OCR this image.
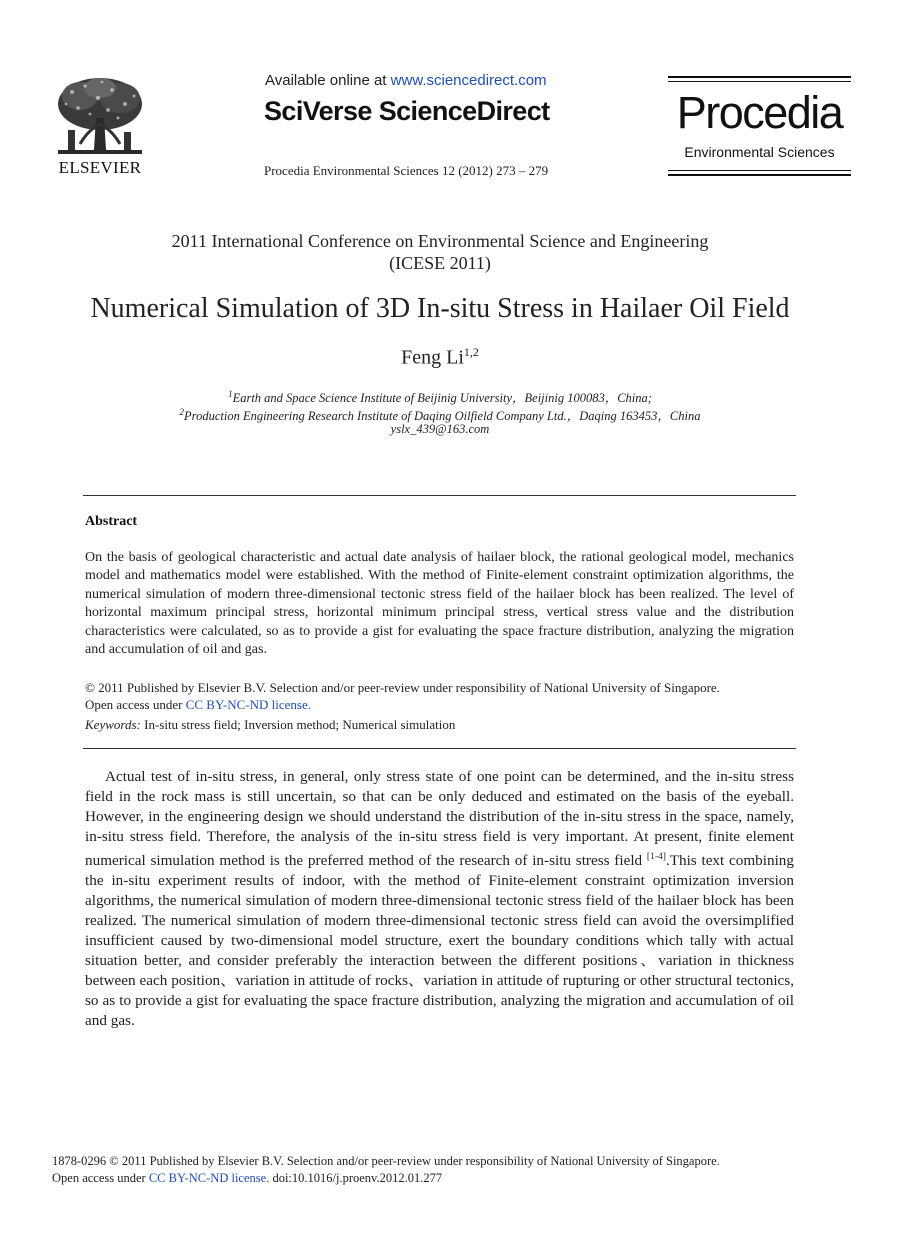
ELSEVIER
Available online at www.sciencedirect.com
SciVerse ScienceDirect
Procedia Environmental Sciences 12 (2012) 273 – 279
Procedia
Environmental Sciences
2011 International Conference on Environmental Science and Engineering
(ICESE 2011)
Numerical Simulation of 3D In-situ Stress in Hailaer Oil Field
Feng Li$^{1,2}$
$^1$Earth and Space Science Institute of Beijinig University，Beijinig 100083，China;
$^2$Production Engineering Research Institute of Daqing Oilfield Company Ltd.，Daqing 163453，China
yslx_439@163.com
Abstract
On the basis of geological characteristic and actual date analysis of hailaer block, the rational geological model, mechanics model and mathematics model were established. With the method of Finite-element constraint optimization algorithms, the numerical simulation of modern three-dimensional tectonic stress field of the hailaer block has been realized. The level of horizontal maximum principal stress, horizontal minimum principal stress, vertical stress value and the distribution characteristics were calculated, so as to provide a gist for evaluating the space fracture distribution, analyzing the migration and accumulation of oil and gas.
© 2011 Published by Elsevier B.V. Selection and/or peer-review under responsibility of National University of Singapore.
Open access under CC BY-NC-ND license.
Keywords: In-situ stress field; Inversion method; Numerical simulation
Actual test of in-situ stress, in general, only stress state of one point can be determined, and the in-situ stress field in the rock mass is still uncertain, so that can be only deduced and estimated on the basis of the eyeball. However, in the engineering design we should understand the distribution of the in-situ stress in the space, namely, in-situ stress field. Therefore, the analysis of the in-situ stress field is very important. At present, finite element numerical simulation method is the preferred method of the research of in-situ stress field [1-4].This text combining the in-situ experiment results of indoor, with the method of Finite-element constraint optimization inversion algorithms, the numerical simulation of modern three-dimensional tectonic stress field of the hailaer block has been realized. The numerical simulation of modern three-dimensional tectonic stress field can avoid the oversimplified insufficient caused by two-dimensional model structure, exert the boundary conditions which tally with actual situation better, and consider preferably the interaction between the different positions、variation in thickness between each position、variation in attitude of rocks、variation in attitude of rupturing or other structural tectonics, so as to provide a gist for evaluating the space fracture distribution, analyzing the migration and accumulation of oil and gas.
1878-0296 © 2011 Published by Elsevier B.V. Selection and/or peer-review under responsibility of National University of Singapore.
Open access under CC BY-NC-ND license. doi:10.1016/j.proenv.2012.01.277
